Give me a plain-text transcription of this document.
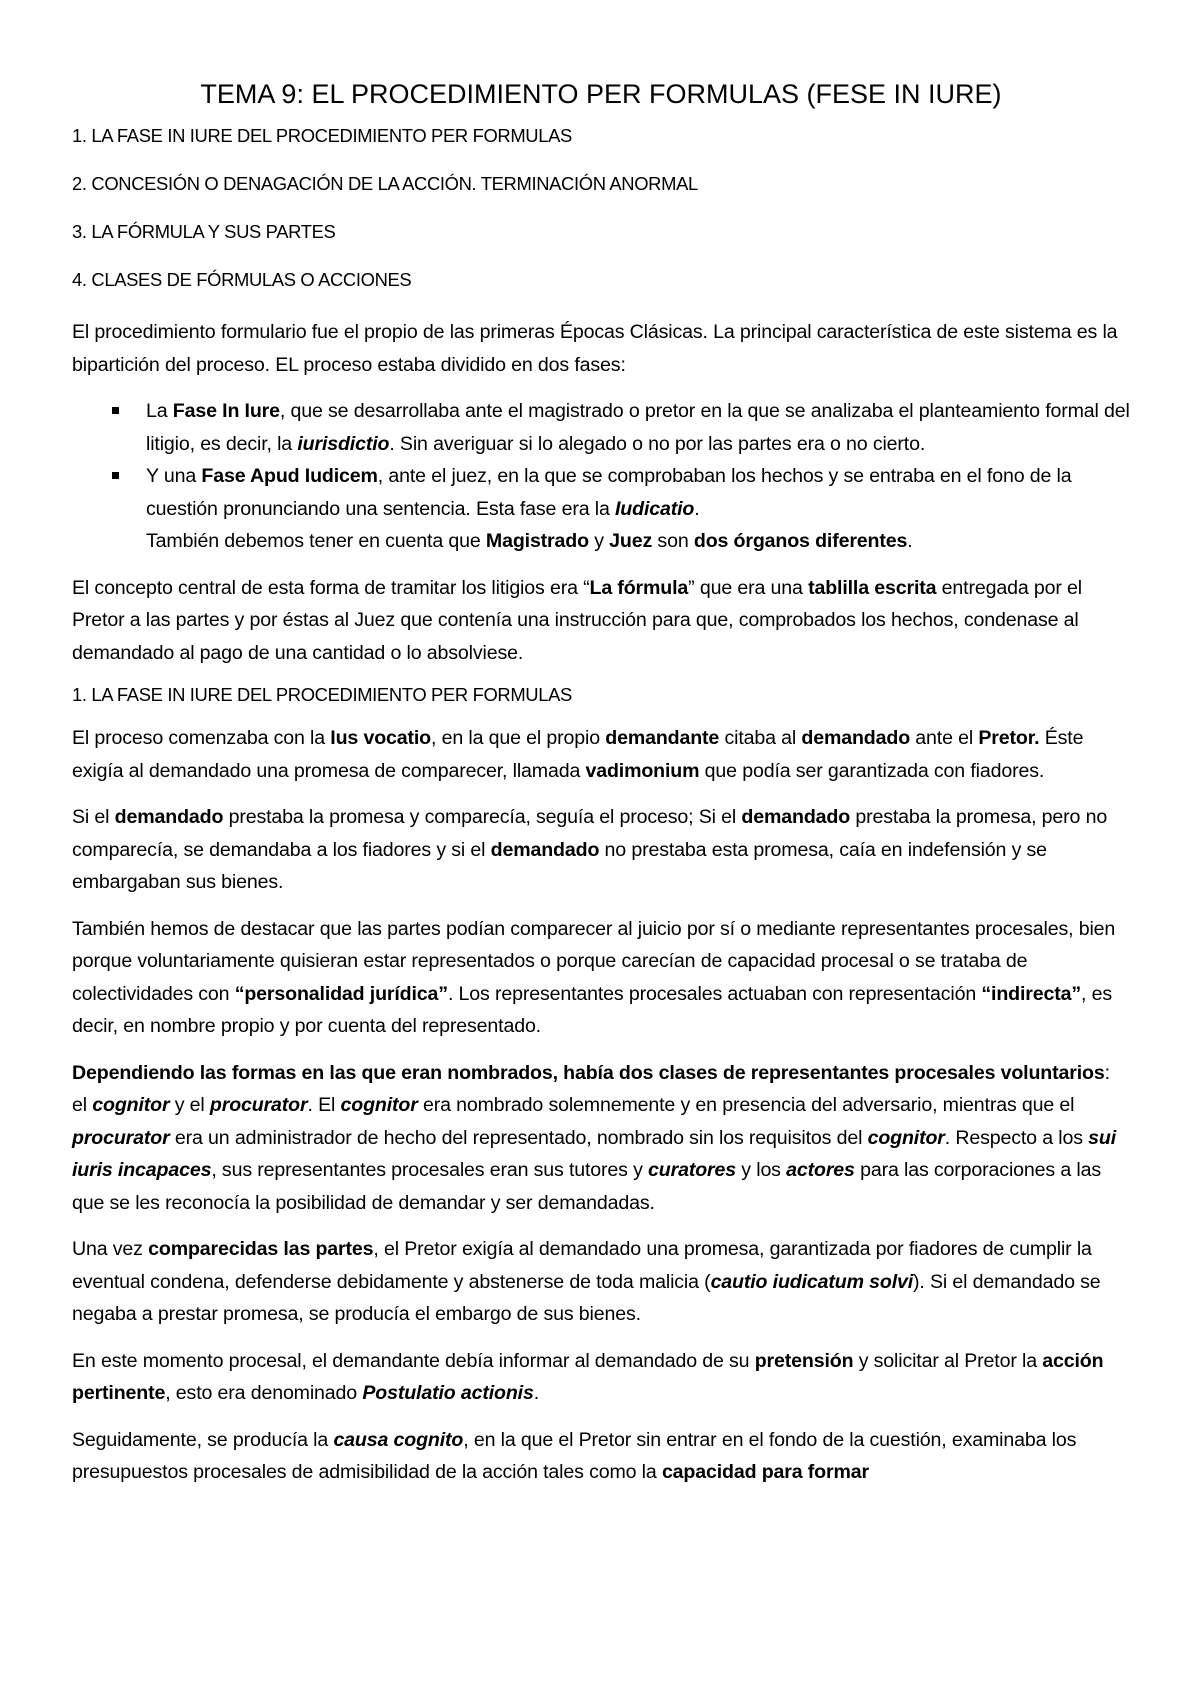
TEMA 9: EL PROCEDIMIENTO PER FORMULAS (FESE IN IURE)
1. LA FASE IN IURE DEL PROCEDIMIENTO PER FORMULAS
2. CONCESIÓN O DENAGACIÓN DE LA ACCIÓN. TERMINACIÓN ANORMAL
3. LA FÓRMULA Y SUS PARTES
4. CLASES DE FÓRMULAS O ACCIONES

El procedimiento formulario fue el propio de las primeras Épocas Clásicas. La principal característica de este sistema es la bipartición del proceso. EL proceso estaba dividido en dos fases:

La Fase In Iure, que se desarrollaba ante el magistrado o pretor en la que se analizaba el planteamiento formal del litigio, es decir, la iurisdictio. Sin averiguar si lo alegado o no por las partes era o no cierto.
Y una Fase Apud Iudicem, ante el juez, en la que se comprobaban los hechos y se entraba en el fono de la cuestión pronunciando una sentencia. Esta fase era la Iudicatio.
También debemos tener en cuenta que Magistrado y Juez son dos órganos diferentes.

El concepto central de esta forma de tramitar los litigios era “La fórmula” que era una tablilla escrita entregada por el Pretor a las partes y por éstas al Juez que contenía una instrucción para que, comprobados los hechos, condenase al demandado al pago de una cantidad o lo absolviese.

1. LA FASE IN IURE DEL PROCEDIMIENTO PER FORMULAS

El proceso comenzaba con la Ius vocatio, en la que el propio demandante citaba al demandado ante el Pretor. Éste exigía al demandado una promesa de comparecer, llamada vadimonium que podía ser garantizada con fiadores.

Si el demandado prestaba la promesa y comparecía, seguía el proceso; Si el demandado prestaba la promesa, pero no comparecía, se demandaba a los fiadores y si el demandado no prestaba esta promesa, caía en indefensión y se embargaban sus bienes.

También hemos de destacar que las partes podían comparecer al juicio por sí o mediante representantes procesales, bien porque voluntariamente quisieran estar representados o porque carecían de capacidad procesal o se trataba de colectividades con “personalidad jurídica”. Los representantes procesales actuaban con representación “indirecta”, es decir, en nombre propio y por cuenta del representado.

Dependiendo las formas en las que eran nombrados, había dos clases de representantes procesales voluntarios: el cognitor y el procurator. El cognitor era nombrado solemnemente y en presencia del adversario, mientras que el procurator era un administrador de hecho del representado, nombrado sin los requisitos del cognitor. Respecto a los sui iuris incapaces, sus representantes procesales eran sus tutores y curatores y los actores para las corporaciones a las que se les reconocía la posibilidad de demandar y ser demandadas.

Una vez comparecidas las partes, el Pretor exigía al demandado una promesa, garantizada por fiadores de cumplir la eventual condena, defenderse debidamente y abstenerse de toda malicia (cautio iudicatum solvi). Si el demandado se negaba a prestar promesa, se producía el embargo de sus bienes.

En este momento procesal, el demandante debía informar al demandado de su pretensión y solicitar al Pretor la acción pertinente, esto era denominado Postulatio actionis.

Seguidamente, se producía la causa cognito, en la que el Pretor sin entrar en el fondo de la cuestión, examinaba los presupuestos procesales de admisibilidad de la acción tales como la capacidad para formar
